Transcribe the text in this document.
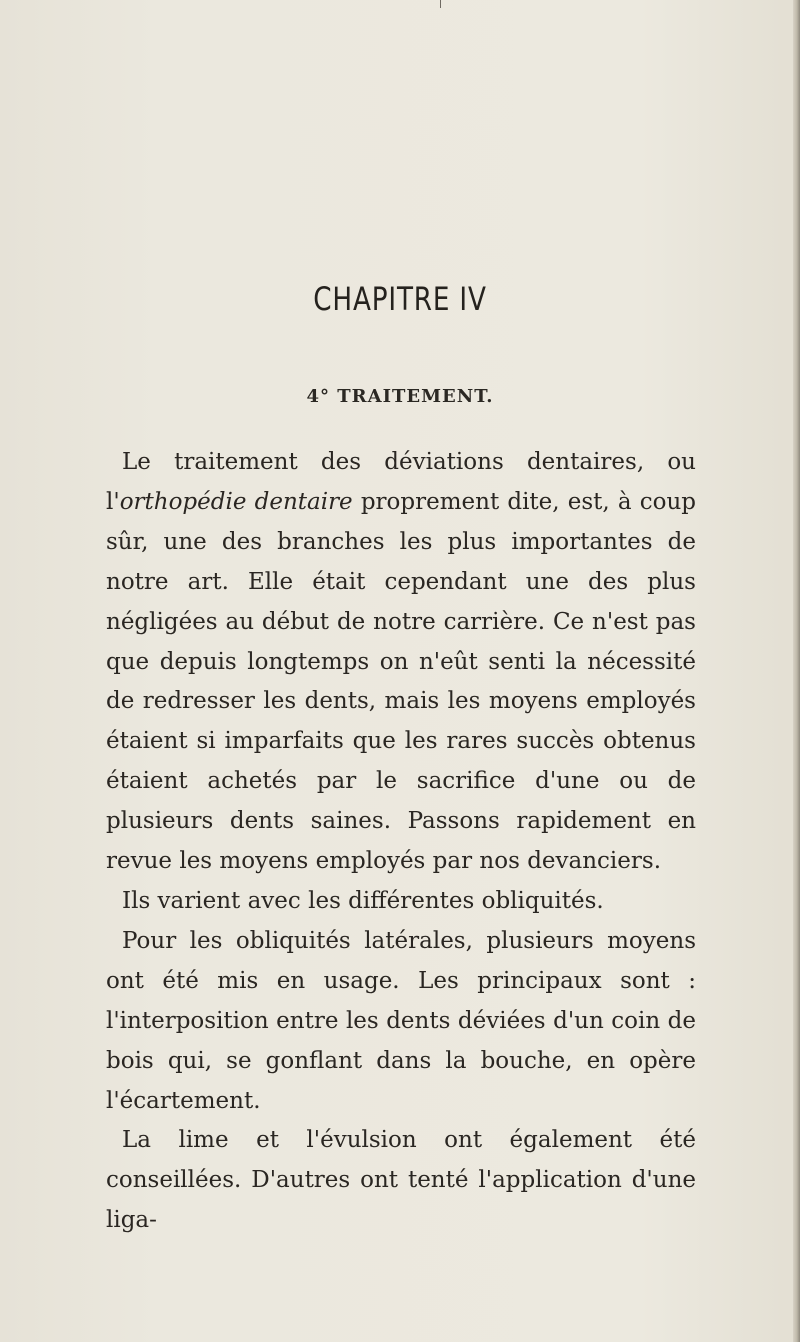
CHAPITRE IV
4° TRAITEMENT.

Le traitement des déviations dentaires, ou l'orthopédie dentaire proprement dite, est, à coup sûr, une des branches les plus importantes de notre art. Elle était cependant une des plus négligées au début de notre carrière. Ce n'est pas que depuis longtemps on n'eût senti la nécessité de redresser les dents, mais les moyens employés étaient si imparfaits que les rares succès obtenus étaient achetés par le sacrifice d'une ou de plusieurs dents saines. Passons rapidement en revue les moyens employés par nos devanciers.

Ils varient avec les différentes obliquités.

Pour les obliquités latérales, plusieurs moyens ont été mis en usage. Les principaux sont : l'interposition entre les dents déviées d'un coin de bois qui, se gonflant dans la bouche, en opère l'écartement.

La lime et l'évulsion ont également été conseillées. D'autres ont tenté l'application d'une liga-
